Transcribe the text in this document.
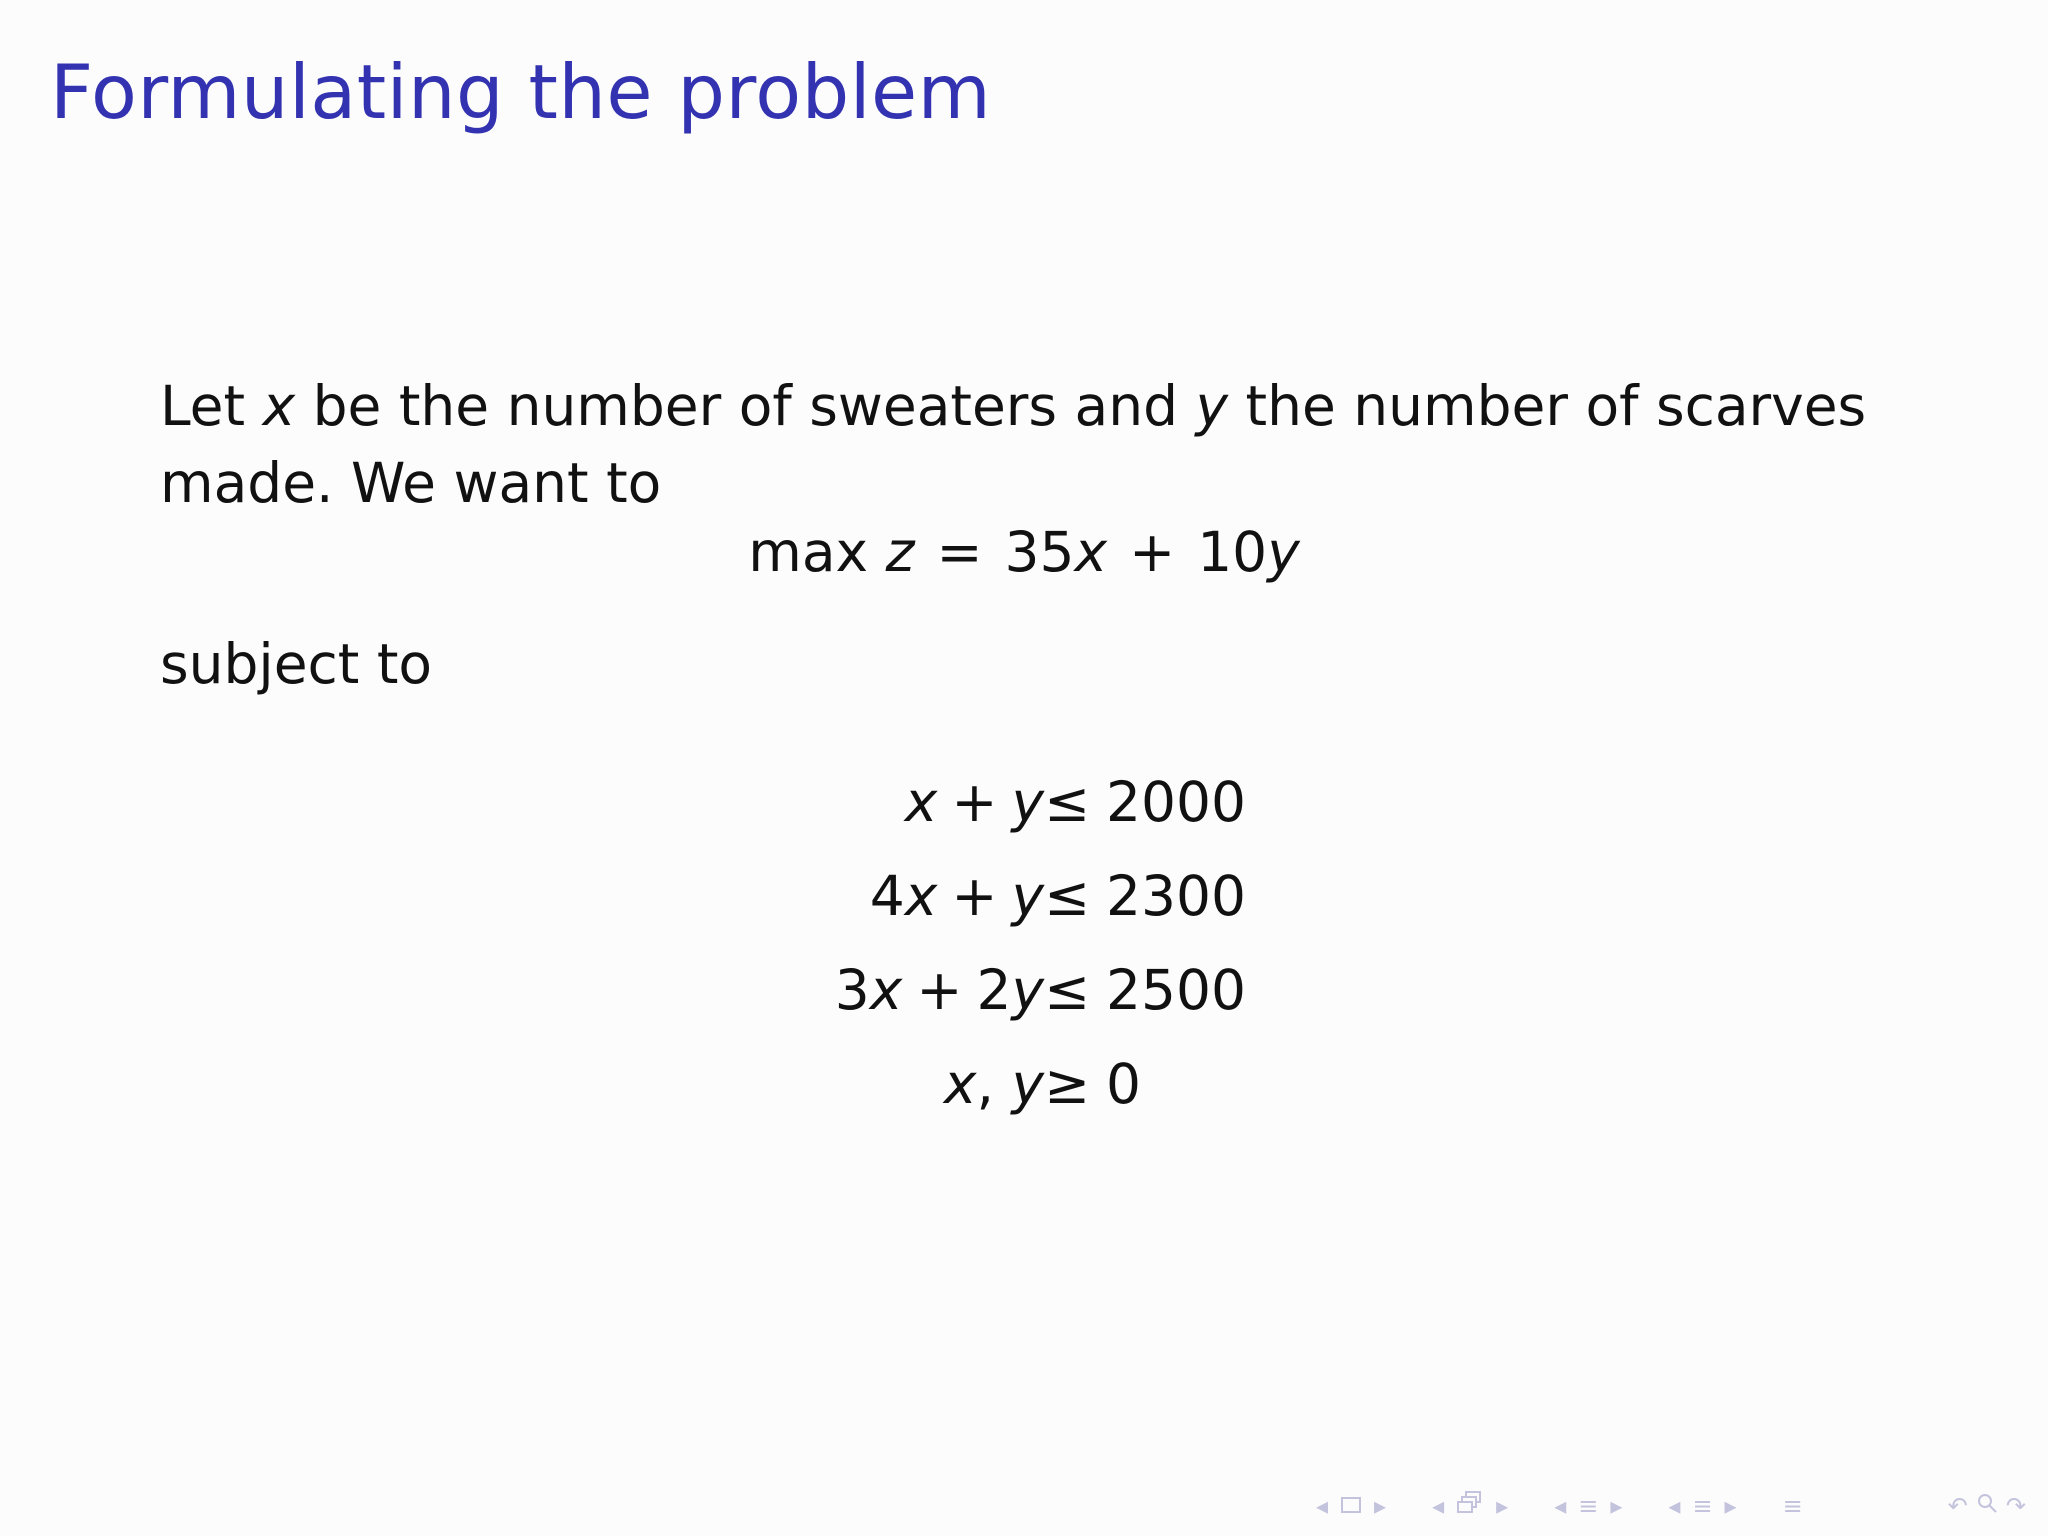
Formulating the problem
Let x be the number of sweaters and y the number of scarves
made. We want to
max z = 35x + 10y
subject to
x + y ≤ 2000
4x + y ≤ 2300
3x + 2y ≤ 2500
x, y ≥ 0
◂ ▸ ◂ ▸ ◂ ≡ ▸ ◂ ≡ ▸ ≡	↶ ↷
